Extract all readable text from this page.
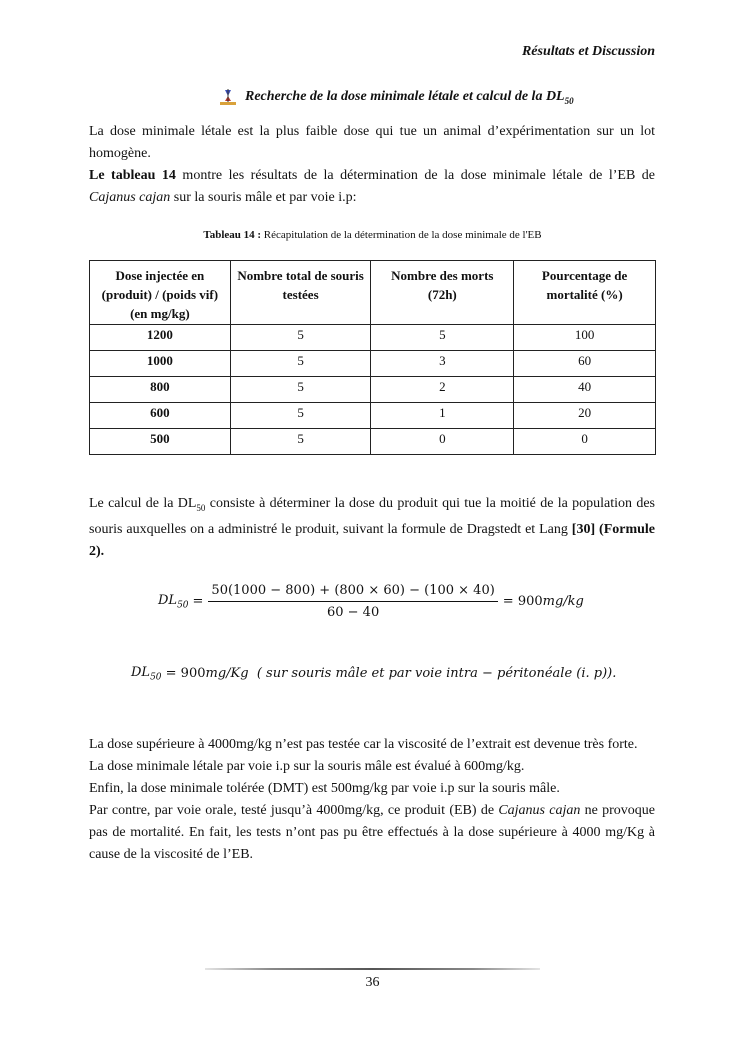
Résultats et Discussion
Recherche de la dose minimale létale et calcul de la $DL_{50}$

La dose minimale létale est la plus faible dose qui tue un animal d’expérimentation sur un lot homogène.

Le tableau 14 montre les résultats de la détermination de la dose minimale létale de l’EB de Cajanus cajan sur la souris mâle et par voie i.p:

Tableau 14 : Récapitulation de la détermination de la dose minimale de l'EB
Dose injectée en (produit) / (poids vif) (en mg/kg)	Nombre total de souris testées	Nombre des morts (72h)	Pourcentage de mortalité (%)
1200	5	5	100
1000	5	3	60
800	5	2	40
600	5	1	20
500	5	0	0

Le calcul de la $DL_{50}$ consiste à déterminer la dose du produit qui tue la moitié de la population des souris auxquelles on a administré le produit, suivant la formule de Dragstedt et Lang [30] (Formule 2).

$DL_{50} = \frac{50(1000 - 800) + (800 \times 60) - (100 \times 40)}{60 - 40} = 900$ mg/kg
$DL_{50} = 900$ mg/Kg ( sur souris mâle et par voie intra − péritonéale (i. p)).

La dose supérieure à 4000mg/kg n’est pas testée car la viscosité de l’extrait est devenue très forte.

La dose minimale létale par voie i.p sur la souris mâle est évalué à 600mg/kg.

Enfin, la dose minimale tolérée (DMT) est 500mg/kg par voie i.p sur la souris mâle.

Par contre, par voie orale, testé jusqu’à 4000mg/kg, ce produit (EB) de Cajanus cajan ne provoque pas de mortalité. En fait, les tests n’ont pas pu être effectués à la dose supérieure à 4000 mg/Kg à cause de la viscosité de l’EB.

36
